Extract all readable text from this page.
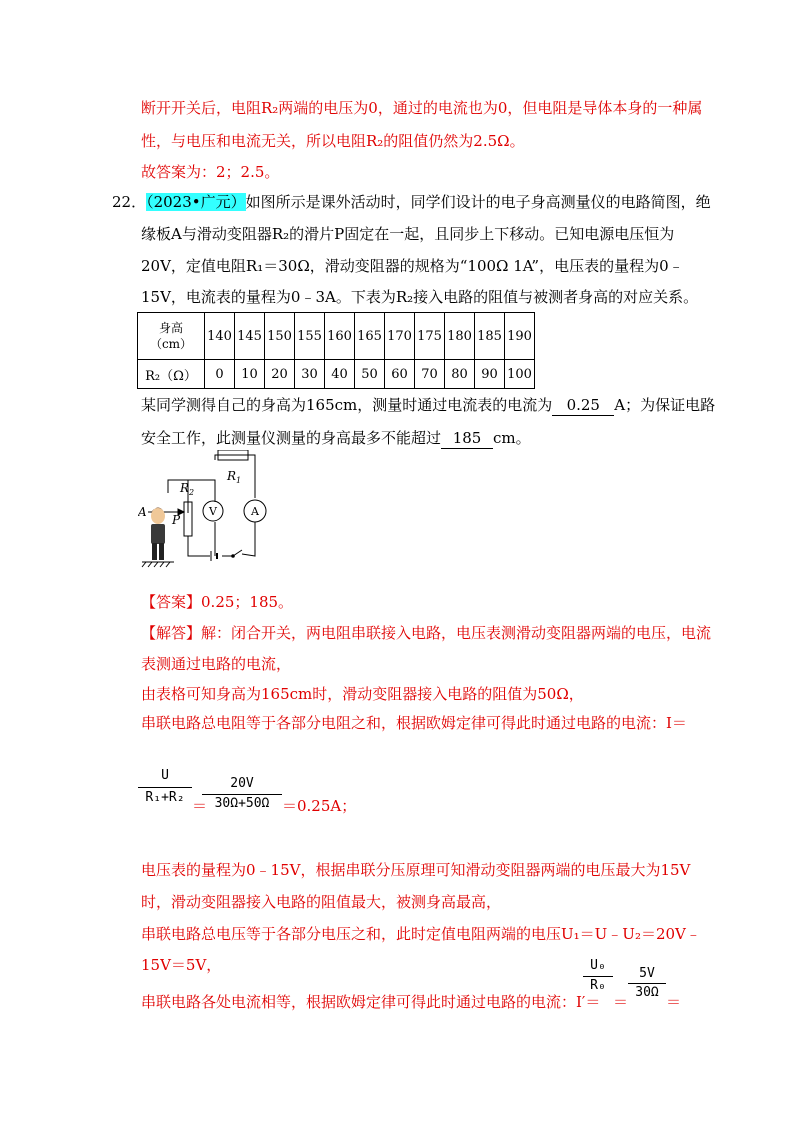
断开开关后，电阻R₂两端的电压为0，通过的电流也为0，但电阻是导体本身的一种属
性，与电压和电流无关，所以电阻R₂的阻值仍然为2.5Ω。
故答案为：2；2.5。
22．（2023•广元）如图所示是课外活动时，同学们设计的电子身高测量仪的电路简图，绝
缘板A与滑动变阻器R₂的滑片P固定在一起，且同步上下移动。已知电源电压恒为
20V，定值电阻R₁＝30Ω，滑动变阻器的规格为“100Ω 1A”，电压表的量程为0﹣
15V，电流表的量程为0﹣3A。下表为R₂接入电路的阻值与被测者身高的对应关系。
身高
（cm）	140	145	150	155	160	165	170	175	180	185	190
R₂（Ω）	0	10	20	30	40	50	60	70	80	90	100
某同学测得自己的身高为165cm，测量时通过电流表的电流为 0.25 A；为保证电路
安全工作，此测量仪测量的身高最多不能超过 185 cm。
$R_1$
$R_2$
A
P
V	A
【答案】0.25；185。
【解答】解：闭合开关，两电阻串联接入电路，电压表测滑动变阻器两端的电压，电流
表测通过电路的电流，
由表格可知身高为165cm时，滑动变阻器接入电路的阻值为50Ω，
串联电路总电阻等于各部分电阻之和，根据欧姆定律可得此时通过电路的电流：I＝
U
R₁+R₂
20V
30Ω+50Ω
＝	＝0.25A；
电压表的量程为0﹣15V，根据串联分压原理可知滑动变阻器两端的电压最大为15V
时，滑动变阻器接入电路的阻值最大，被测身高最高，
串联电路总电压等于各部分电压之和，此时定值电阻两端的电压U₁＝U﹣U₂＝20V﹣
15V＝5V，
串联电路各处电流相等，根据欧姆定律可得此时通过电路的电流：I′＝
U₀
R₀
＝
5V
30Ω
＝
